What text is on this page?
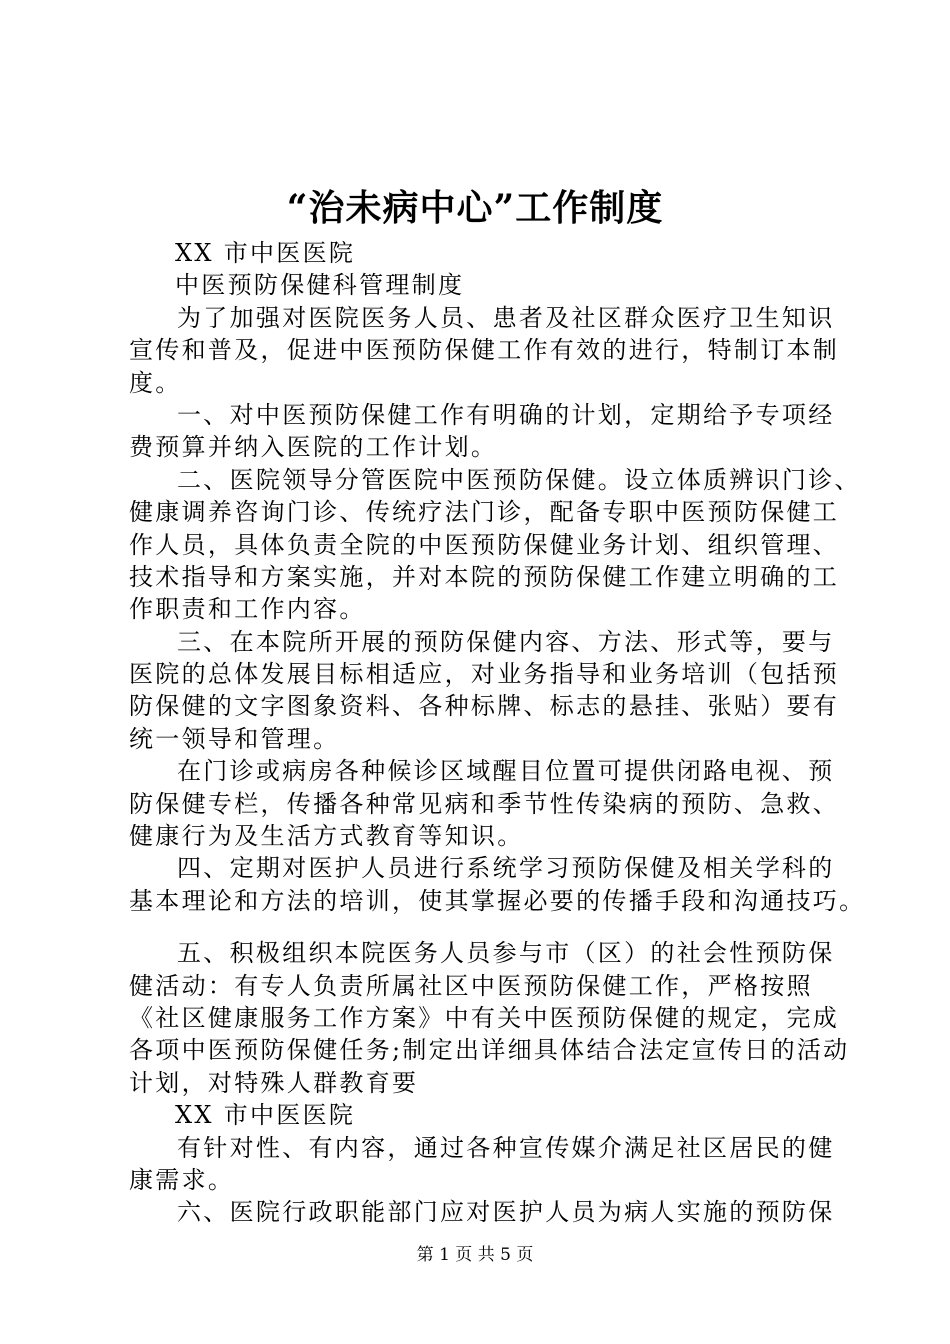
“治未病中心”工作制度
XX 市中医医院
中医预防保健科管理制度
为了加强对医院医务人员、患者及社区群众医疗卫生知识
宣传和普及，促进中医预防保健工作有效的进行，特制订本制
度。
一、对中医预防保健工作有明确的计划，定期给予专项经
费预算并纳入医院的工作计划。
二、医院领导分管医院中医预防保健。设立体质辨识门诊、
健康调养咨询门诊、传统疗法门诊，配备专职中医预防保健工
作人员，具体负责全院的中医预防保健业务计划、组织管理、
技术指导和方案实施，并对本院的预防保健工作建立明确的工
作职责和工作内容。
三、在本院所开展的预防保健内容、方法、形式等，要与
医院的总体发展目标相适应，对业务指导和业务培训（包括预
防保健的文字图象资料、各种标牌、标志的悬挂、张贴）要有
统一领导和管理。
在门诊或病房各种候诊区域醒目位置可提供闭路电视、预
防保健专栏，传播各种常见病和季节性传染病的预防、急救、
健康行为及生活方式教育等知识。
四、定期对医护人员进行系统学习预防保健及相关学科的
基本理论和方法的培训，使其掌握必要的传播手段和沟通技巧。
五、积极组织本院医务人员参与市（区）的社会性预防保
健活动：有专人负责所属社区中医预防保健工作，严格按照
《社区健康服务工作方案》中有关中医预防保健的规定，完成
各项中医预防保健任务;制定出详细具体结合法定宣传日的活动
计划，对特殊人群教育要
XX 市中医医院
有针对性、有内容，通过各种宣传媒介满足社区居民的健
康需求。
六、医院行政职能部门应对医护人员为病人实施的预防保
第 1 页 共 5 页
